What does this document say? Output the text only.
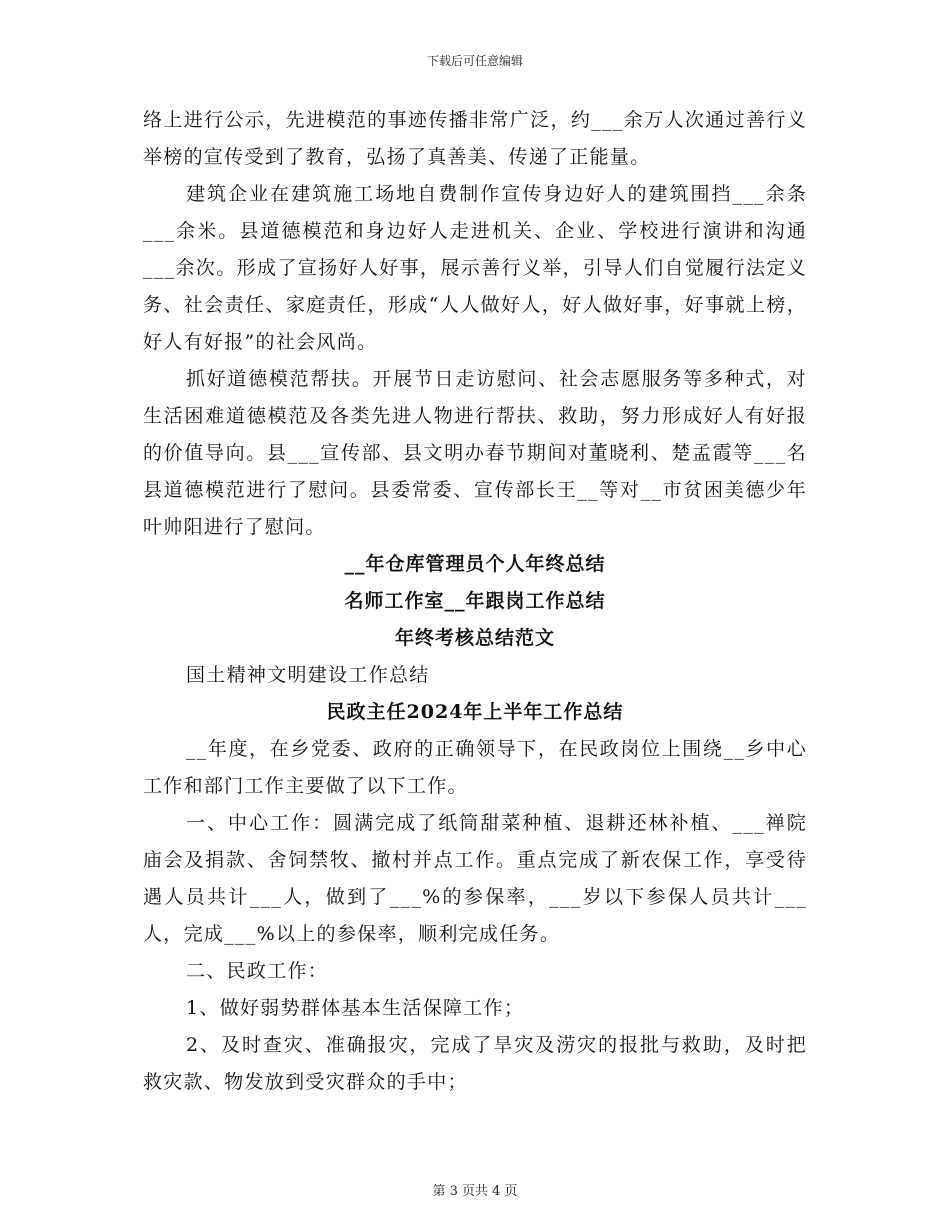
下载后可任意编辑

络上进行公示，先进模范的事迹传播非常广泛，约___余万人次通过善行义举榜的宣传受到了教育，弘扬了真善美、传递了正能量。

建筑企业在建筑施工场地自费制作宣传身边好人的建筑围挡___余条___余米。县道德模范和身边好人走进机关、企业、学校进行演讲和沟通___余次。形成了宣扬好人好事，展示善行义举，引导人们自觉履行法定义务、社会责任、家庭责任，形成“人人做好人，好人做好事，好事就上榜，好人有好报”的社会风尚。

抓好道德模范帮扶。开展节日走访慰问、社会志愿服务等多种式，对生活困难道德模范及各类先进人物进行帮扶、救助，努力形成好人有好报的价值导向。县___宣传部、县文明办春节期间对董晓利、楚孟霞等___名县道德模范进行了慰问。县委常委、宣传部长王__等对__市贫困美德少年叶帅阳进行了慰问。

__年仓库管理员个人年终总结

名师工作室__年跟岗工作总结

年终考核总结范文

国土精神文明建设工作总结

民政主任2024年上半年工作总结

__年度，在乡党委、政府的正确领导下，在民政岗位上围绕__乡中心工作和部门工作主要做了以下工作。

一、中心工作：圆满完成了纸筒甜菜种植、退耕还林补植、___禅院庙会及捐款、舍饲禁牧、撤村并点工作。重点完成了新农保工作，享受待遇人员共计___人，做到了___%的参保率，___岁以下参保人员共计___人，完成___%以上的参保率，顺利完成任务。

二、民政工作：

1、做好弱势群体基本生活保障工作；

2、及时查灾、准确报灾，完成了旱灾及涝灾的报批与救助，及时把救灾款、物发放到受灾群众的手中；

第 3 页共 4 页
